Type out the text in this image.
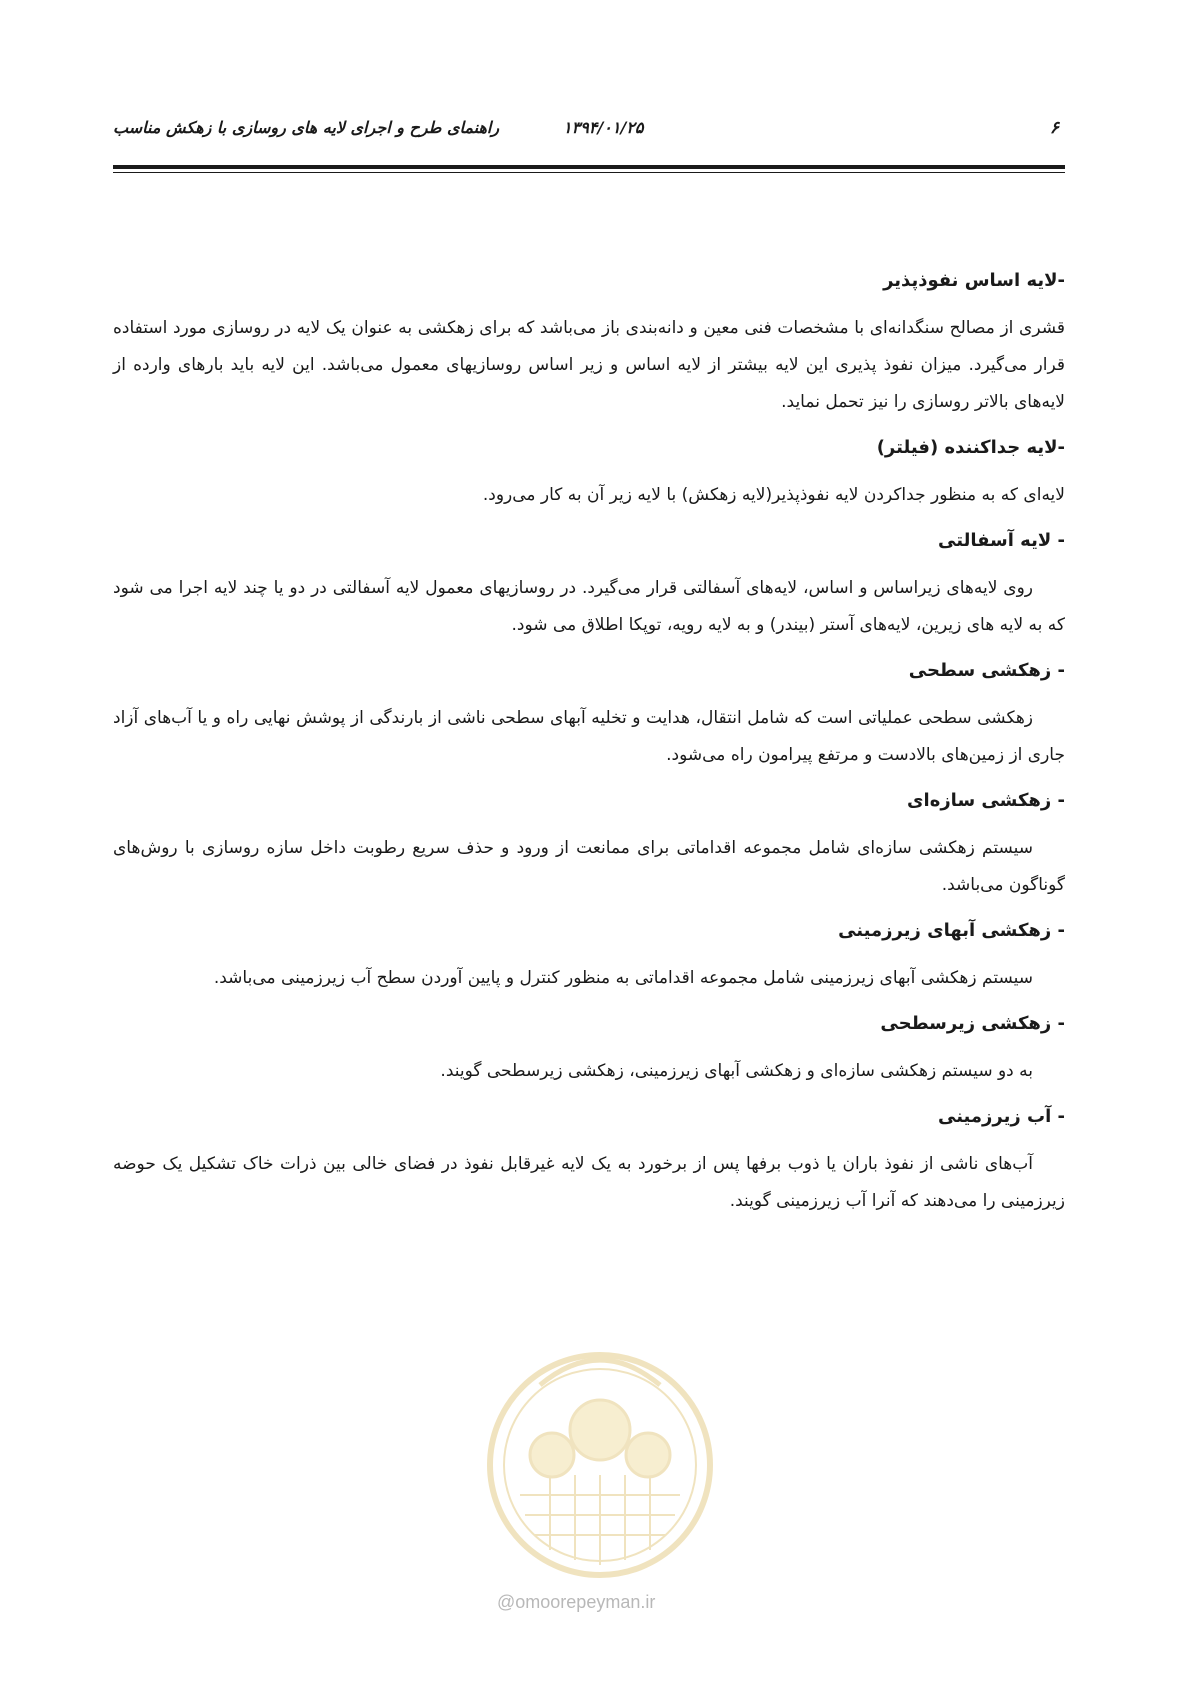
۶
۱۳۹۴/۰۱/۲۵
راهنمای طرح و اجرای لایه های روسازی با زهکش مناسب
-لایه اساس نفوذپذیر

قشری از مصالح سنگدانه‌ای با مشخصات فنی معین و دانه‌بندی باز می‌باشد که برای زهکشی به عنوان یک لایه در روسازی مورد استفاده قرار می‌گیرد. میزان نفوذ پذیری این لایه بیشتر از لایه اساس و زیر اساس روسازیهای معمول می‌باشد. این لایه باید بارهای وارده از لایه‌های بالاتر روسازی را نیز تحمل نماید.

-لایه جداکننده (فیلتر)

لایه‌ای که به منظور جداکردن لایه نفوذپذیر(لایه زهکش) با لایه زیر آن به کار می‌رود.

- لایه آسفالتی

روی لایه‌های زیراساس و اساس، لایه‌های آسفالتی قرار می‌گیرد. در روسازیهای معمول لایه آسفالتی در دو یا چند لایه اجرا می شود که به لایه های زیرین، لایه‌های آستر (بیندر) و به لایه رویه، توپکا اطلاق می شود.

- زهکشی سطحی

زهکشی سطحی عملیاتی است که شامل انتقال، هدایت و تخلیه آبهای سطحی ناشی از بارندگی از پوشش نهایی راه و یا آب‌های آزاد جاری از زمین‌های بالادست و مرتفع پیرامون راه می‌شود.

- زهکشی سازه‌ای

سیستم زهکشی سازه‌ای شامل مجموعه اقداماتی برای ممانعت از ورود و حذف سریع رطوبت داخل سازه روسازی با روش‌های گوناگون می‌باشد.

- زهکشی آبهای زیرزمینی

سیستم زهکشی آبهای زیرزمینی شامل مجموعه اقداماتی به منظور کنترل و پایین آوردن سطح آب زیرزمینی می‌باشد.

- زهکشی زیرسطحی

به دو سیستم زهکشی سازه‌ای و زهکشی آبهای زیرزمینی، زهکشی زیرسطحی گویند.

- آب زیرزمینی

آب‌های ناشی از نفوذ باران یا ذوب برفها پس از برخورد به یک لایه غیرقابل نفوذ در فضای خالی بین ذرات خاک تشکیل یک حوضه زیرزمینی را می‌دهند که آنرا آب زیرزمینی گویند.

@omoorepeyman.ir
